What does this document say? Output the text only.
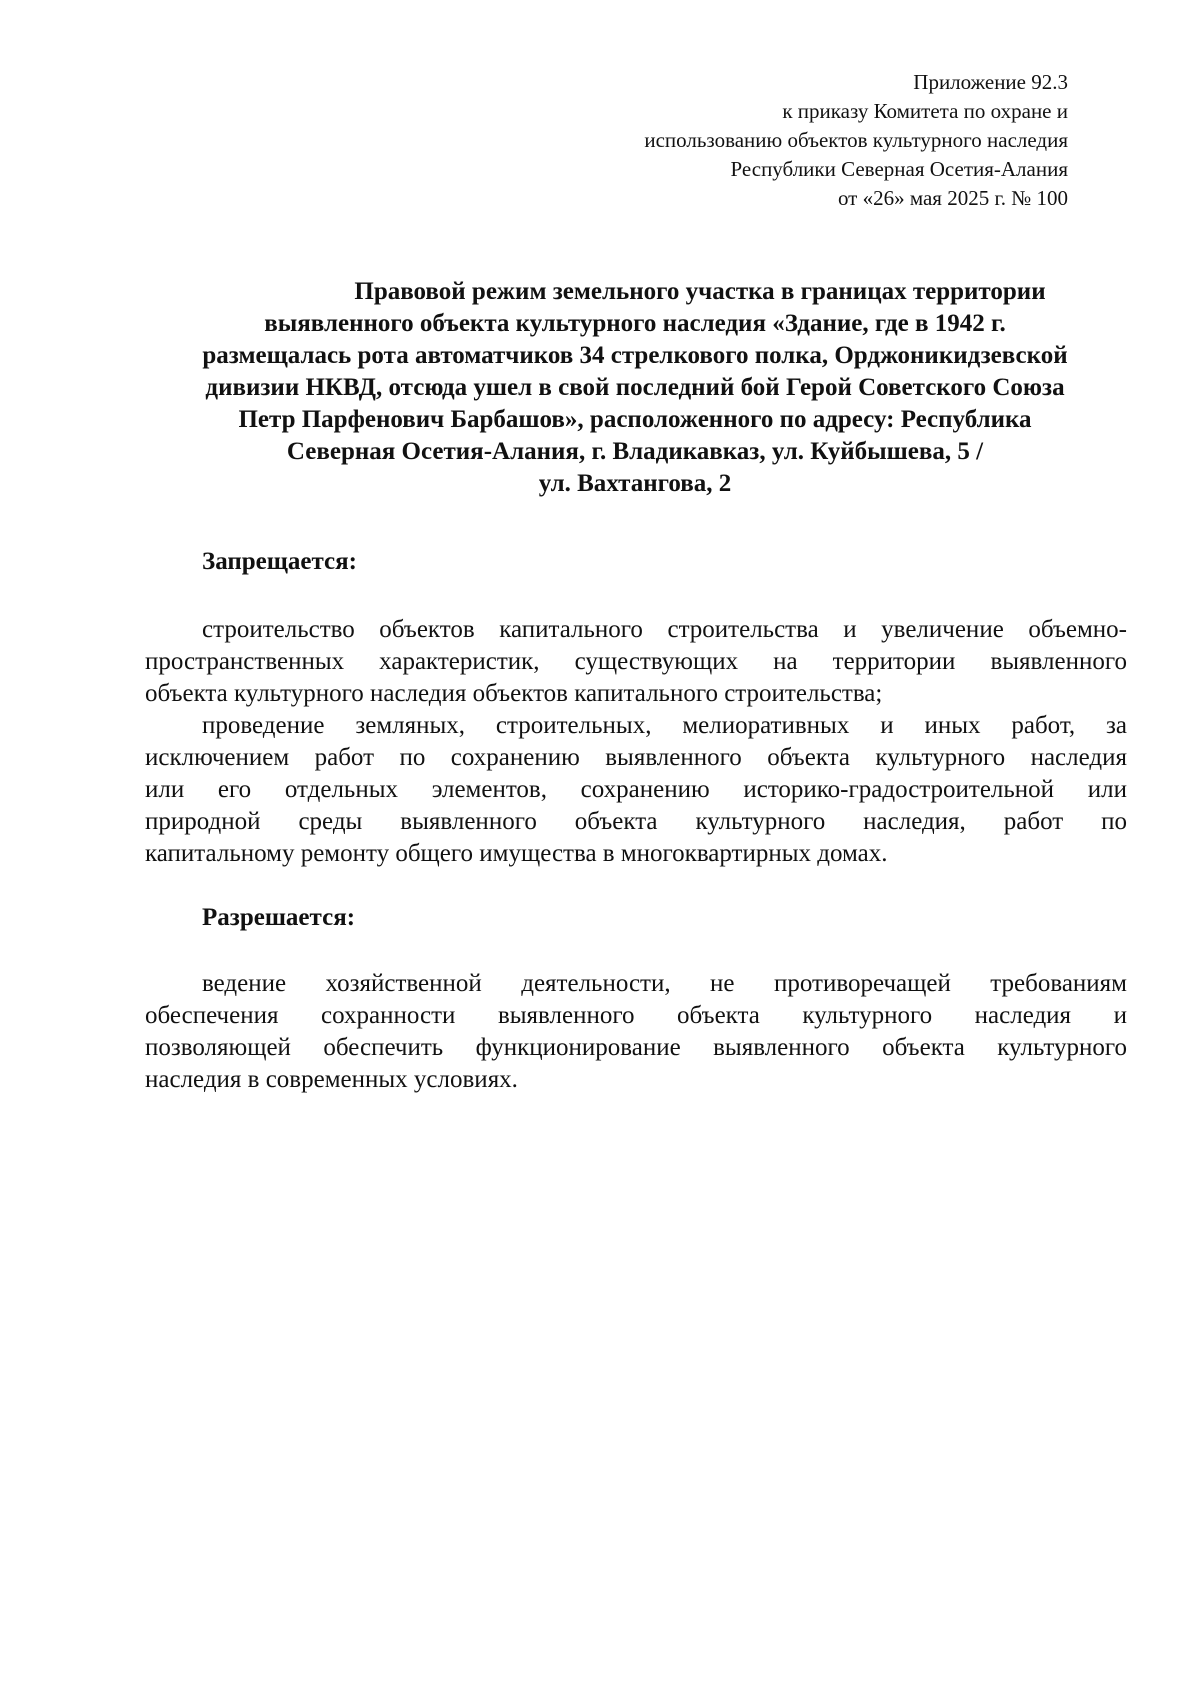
Приложение 92.3
к приказу Комитета по охране и
использованию объектов культурного наследия
Республики Северная Осетия-Алания
от «26» мая 2025 г. № 100
Правовой режим земельного участка в границах территории
выявленного объекта культурного наследия «Здание, где в 1942 г.
размещалась рота автоматчиков 34 стрелкового полка, Орджоникидзевской
дивизии НКВД, отсюда ушел в свой последний бой Герой Советского Союза
Петр Парфенович Барбашов», расположенного по адресу: Республика
Северная Осетия-Алания, г. Владикавказ, ул. Куйбышева, 5 /
ул. Вахтангова, 2
Запрещается:
строительство объектов капитального строительства и увеличение объемно-
пространственных характеристик, существующих на территории выявленного
объекта культурного наследия объектов капитального строительства;
проведение земляных, строительных, мелиоративных и иных работ, за
исключением работ по сохранению выявленного объекта культурного наследия
или его отдельных элементов, сохранению историко-градостроительной или
природной среды выявленного объекта культурного наследия, работ по
капитальному ремонту общего имущества в многоквартирных домах.
Разрешается:
ведение хозяйственной деятельности, не противоречащей требованиям
обеспечения сохранности выявленного объекта культурного наследия и
позволяющей обеспечить функционирование выявленного объекта культурного
наследия в современных условиях.
